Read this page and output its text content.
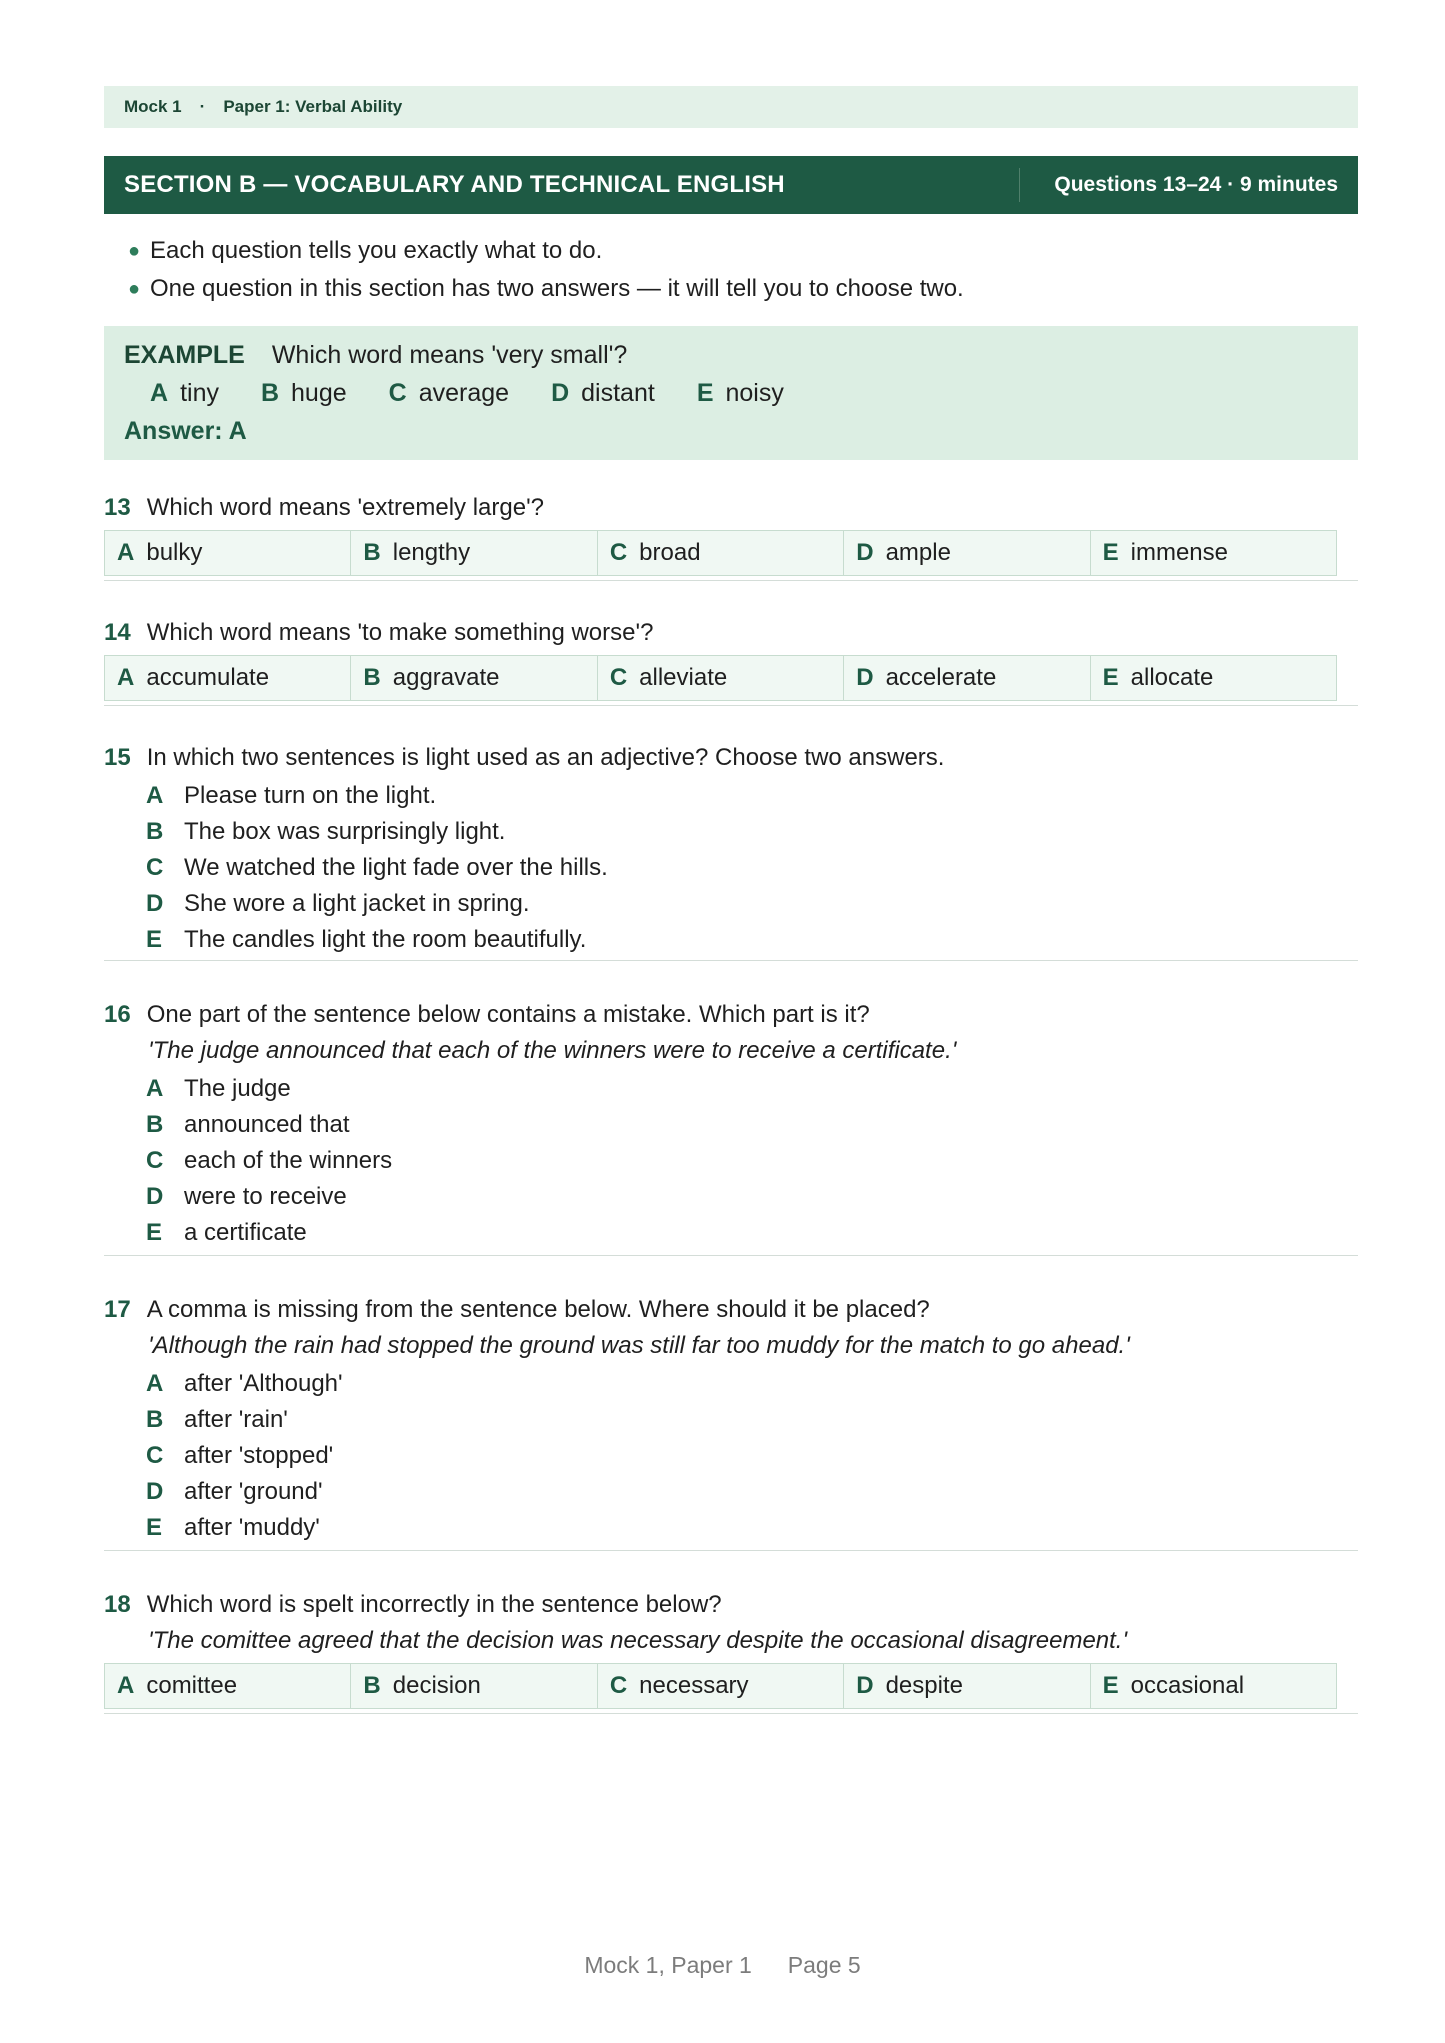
Mock 1 · Paper 1: Verbal Ability
SECTION B — VOCABULARY AND TECHNICAL ENGLISH	Questions 13–24 · 9 minutes
● Each question tells you exactly what to do.
● One question in this section has two answers — it will tell you to choose two.
EXAMPLE Which word means 'very small'?
A tiny B huge C average D distant E noisy
Answer: A
13 Which word means 'extremely large'?
A bulky	B lengthy	C broad	D ample	E immense
14 Which word means 'to make something worse'?
A accumulate	B aggravate	C alleviate	D accelerate	E allocate
15 In which two sentences is light used as an adjective? Choose two answers.
A Please turn on the light.
B The box was surprisingly light.
C We watched the light fade over the hills.
D She wore a light jacket in spring.
E The candles light the room beautifully.
16 One part of the sentence below contains a mistake. Which part is it?
'The judge announced that each of the winners were to receive a certificate.'
A The judge
B announced that
C each of the winners
D were to receive
E a certificate
17 A comma is missing from the sentence below. Where should it be placed?
'Although the rain had stopped the ground was still far too muddy for the match to go ahead.'
A after 'Although'
B after 'rain'
C after 'stopped'
D after 'ground'
E after 'muddy'
18 Which word is spelt incorrectly in the sentence below?
'The comittee agreed that the decision was necessary despite the occasional disagreement.'
A comittee	B decision	C necessary	D despite	E occasional
Mock 1, Paper 1 Page 5
